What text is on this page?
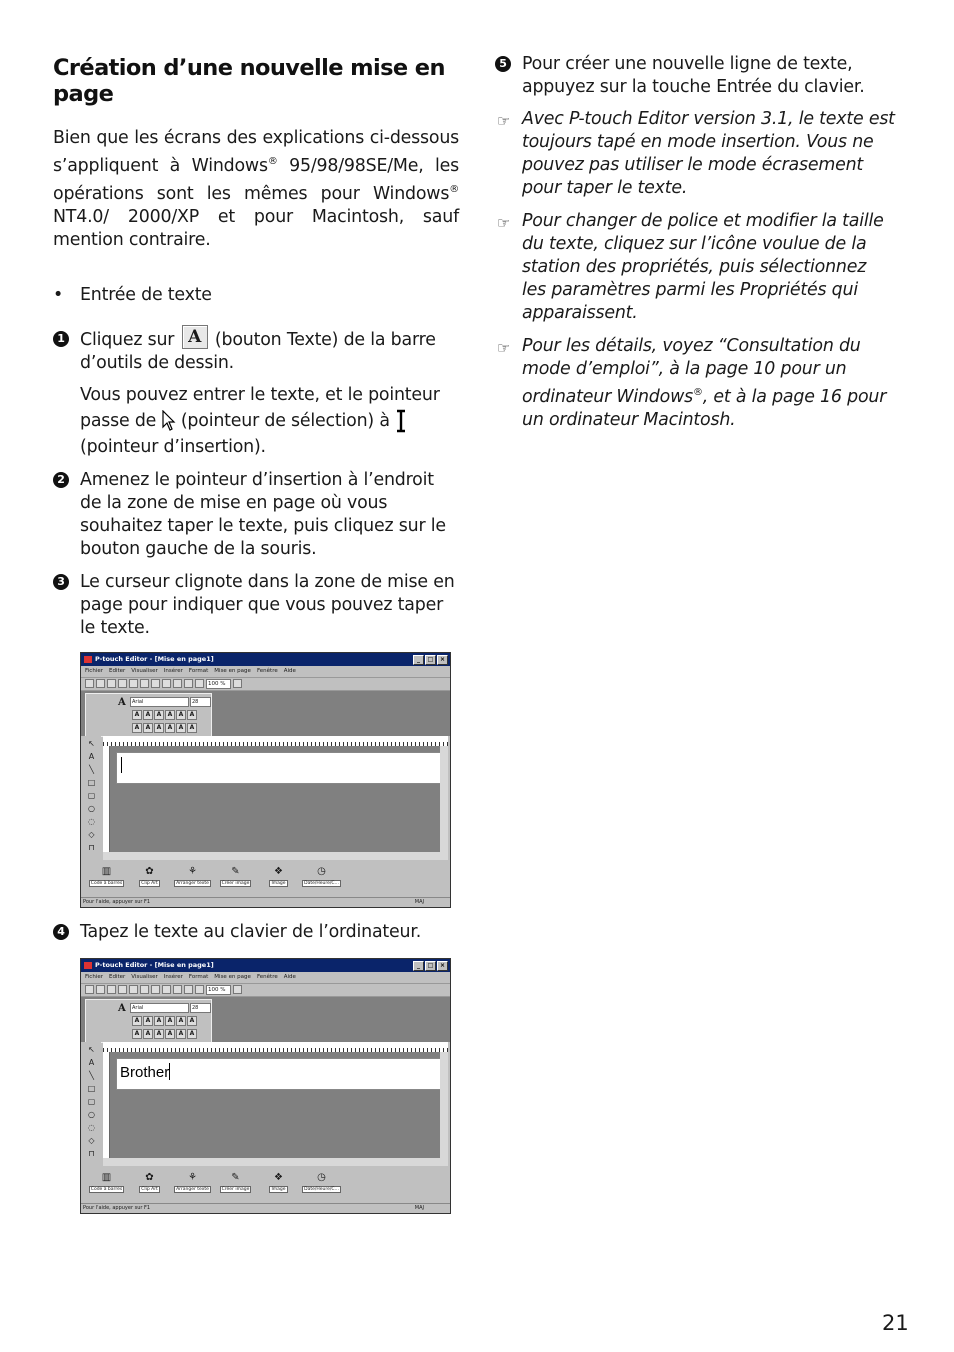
Création d’une nouvelle mise en page

Bien que les écrans des explications ci-dessous s’appliquent à Windows® 95/98/98SE/Me, les opérations sont les mêmes pour Windows® NT4.0/ 2000/XP et pour Macintosh, sauf mention contraire.

• Entrée de texte

1 Cliquez sur A (bouton Texte) de la barre d’outils de dessin.
Vous pouvez entrer le texte, et le pointeur passe de  (pointeur de sélection) à  (pointeur d’insertion).
2 Amenez le pointeur d’insertion à l’endroit de la zone de mise en page où vous souhaitez taper le texte, puis cliquez sur le bouton gauche de la souris.
3 Le curseur clignote dans la zone de mise en page pour indiquer que vous pouvez taper le texte.
P-touch Editor - [Mise en page1]	_	□	×
Fichier Editer Visualiser Insérer Format Mise en page Fenêtre Aide
100 %
A	Arial	28
A	A	A	A	A	A
A	A	A	A	A	A
↖
A
╲
□
▢
○
◌
◇
⊓
▥
Code à barres
✿
Clip Art
⚘
Arranger texte
✎
Créer image
❖
Image
◷
Date/Heure/C...
Pour l'aide, appuyer sur F1	MAJ
4 Tapez le texte au clavier de l’ordinateur.
P-touch Editor - [Mise en page1]	_	□	×
Fichier Editer Visualiser Insérer Format Mise en page Fenêtre Aide
100 %
A	Arial	28
A	A	A	A	A	A
A	A	A	A	A	A
↖
A
╲
□
▢
○
◌
◇
⊓
Brother
▥
Code à barres
✿
Clip Art
⚘
Arranger texte
✎
Créer image
❖
Image
◷
Date/Heure/C...
Pour l'aide, appuyer sur F1	MAJ
5 Pour créer une nouvelle ligne de texte, appuyez sur la touche Entrée du clavier.
☞ Avec P-touch Editor version 3.1, le texte est toujours tapé en mode insertion. Vous ne pouvez pas utiliser le mode écrasement pour taper le texte.
☞ Pour changer de police et modifier la taille du texte, cliquez sur l’icône voulue de la station des propriétés, puis sélectionnez les paramètres parmi les Propriétés qui apparaissent.
☞ Pour les détails, voyez “Consultation du mode d’emploi”, à la page 10 pour un ordinateur Windows®, et à la page 16 pour un ordinateur Macintosh.
21
